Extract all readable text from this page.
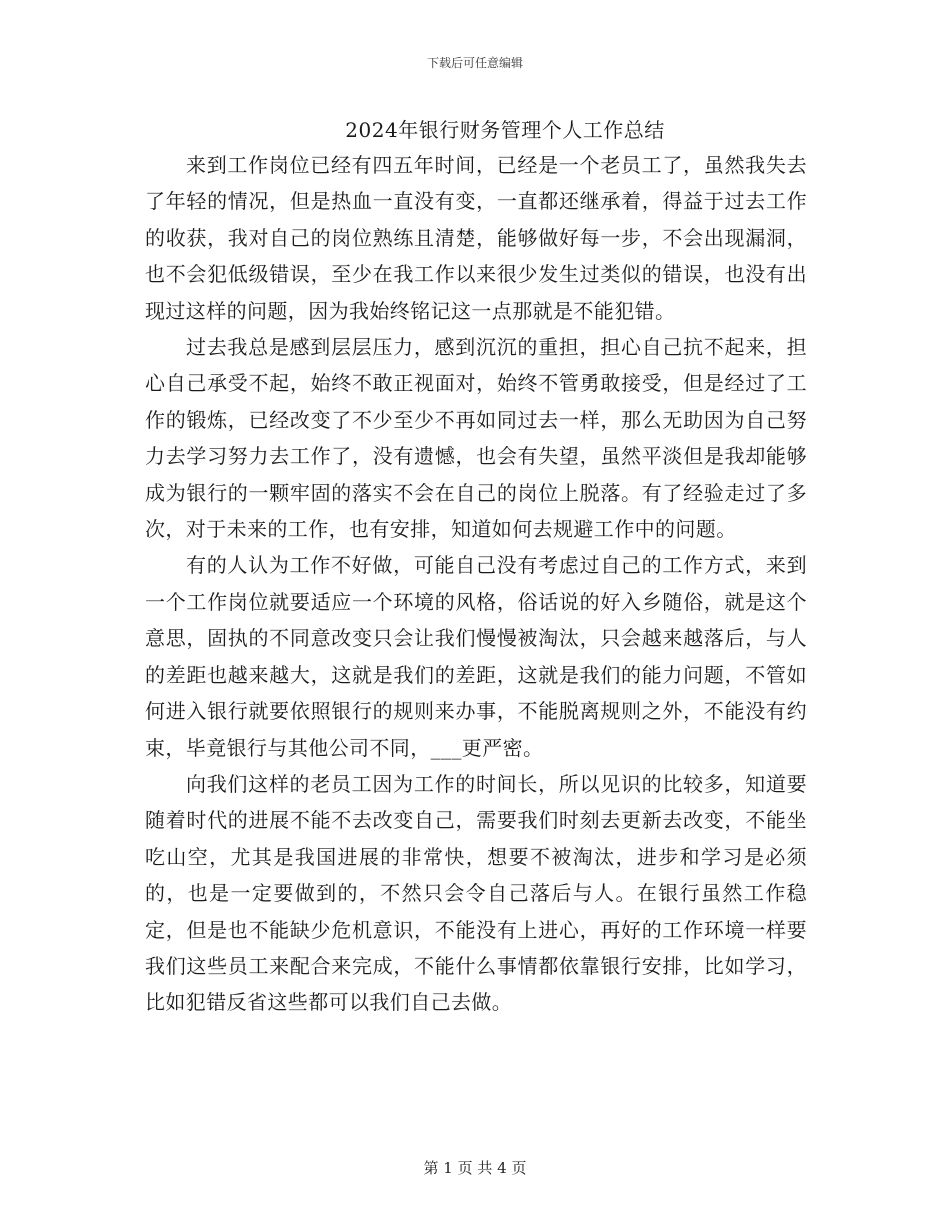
下载后可任意编辑
2024年银行财务管理个人工作总结

来到工作岗位已经有四五年时间，已经是一个老员工了，虽然我失去了年轻的情况，但是热血一直没有变，一直都还继承着，得益于过去工作的收获，我对自己的岗位熟练且清楚，能够做好每一步，不会出现漏洞，也不会犯低级错误，至少在我工作以来很少发生过类似的错误，也没有出现过这样的问题，因为我始终铭记这一点那就是不能犯错。

过去我总是感到层层压力，感到沉沉的重担，担心自己抗不起来，担心自己承受不起，始终不敢正视面对，始终不管勇敢接受，但是经过了工作的锻炼，已经改变了不少至少不再如同过去一样，那么无助因为自己努力去学习努力去工作了，没有遗憾，也会有失望，虽然平淡但是我却能够成为银行的一颗牢固的落实不会在自己的岗位上脱落。有了经验走过了多次，对于未来的工作，也有安排，知道如何去规避工作中的问题。

有的人认为工作不好做，可能自己没有考虑过自己的工作方式，来到一个工作岗位就要适应一个环境的风格，俗话说的好入乡随俗，就是这个意思，固执的不同意改变只会让我们慢慢被淘汰，只会越来越落后，与人的差距也越来越大，这就是我们的差距，这就是我们的能力问题，不管如何进入银行就要依照银行的规则来办事，不能脱离规则之外，不能没有约束，毕竟银行与其他公司不同，___更严密。

向我们这样的老员工因为工作的时间长，所以见识的比较多，知道要随着时代的进展不能不去改变自己，需要我们时刻去更新去改变，不能坐吃山空，尤其是我国进展的非常快，想要不被淘汰，进步和学习是必须的，也是一定要做到的，不然只会令自己落后与人。在银行虽然工作稳定，但是也不能缺少危机意识，不能没有上进心，再好的工作环境一样要我们这些员工来配合来完成，不能什么事情都依靠银行安排，比如学习，比如犯错反省这些都可以我们自己去做。

第 1 页 共 4 页
